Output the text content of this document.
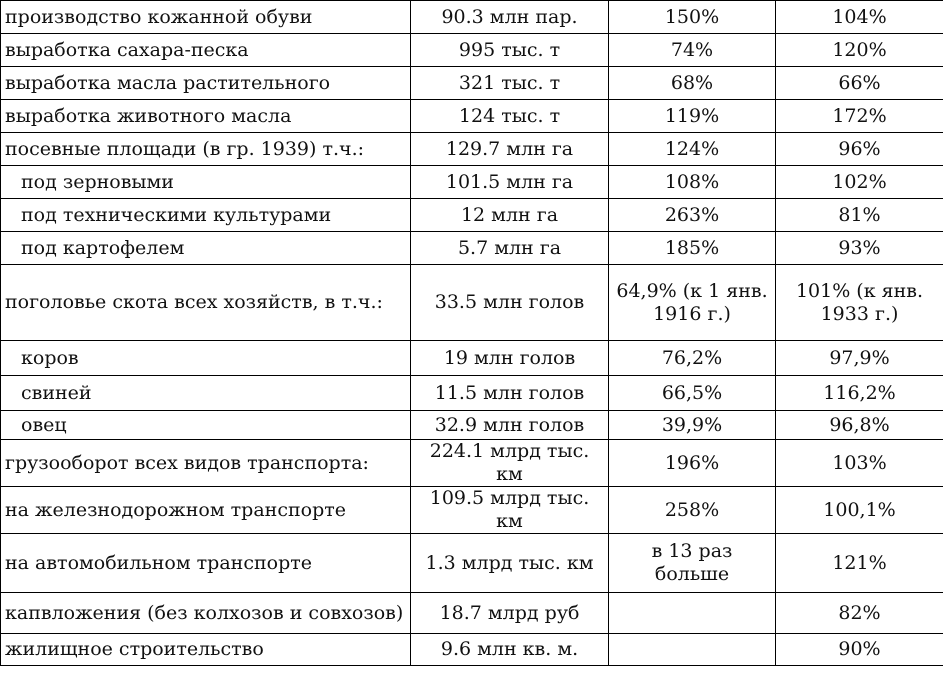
производство кожанной обуви	90.3 млн пар.	150%	104%
выработка сахара-песка	995 тыс. т	74%	120%
выработка масла растительного	321 тыс. т	68%	66%
выработка животного масла	124 тыс. т	119%	172%
посевные площади (в гр. 1939) т.ч.:	129.7 млн га	124%	96%
под зерновыми	101.5 млн га	108%	102%
под техническими культурами	12 млн га	263%	81%
под картофелем	5.7 млн га	185%	93%
поголовье скота всех хозяйств, в т.ч.:	33.5 млн голов	64,9% (к 1 янв. 1916 г.)	101% (к янв. 1933 г.)
коров	19 млн голов	76,2%	97,9%
свиней	11.5 млн голов	66,5%	116,2%
овец	32.9 млн голов	39,9%	96,8%
грузооборот всех видов транспорта:	224.1 млрд тыс. км	196%	103%
на железнодорожном транспорте	109.5 млрд тыс. км	258%	100,1%
на автомобильном транспорте	1.3 млрд тыс. км	в 13 раз больше	121%
капвложения (без колхозов и совхозов)	18.7 млрд руб		82%
жилищное строительство	9.6 млн кв. м.		90%
